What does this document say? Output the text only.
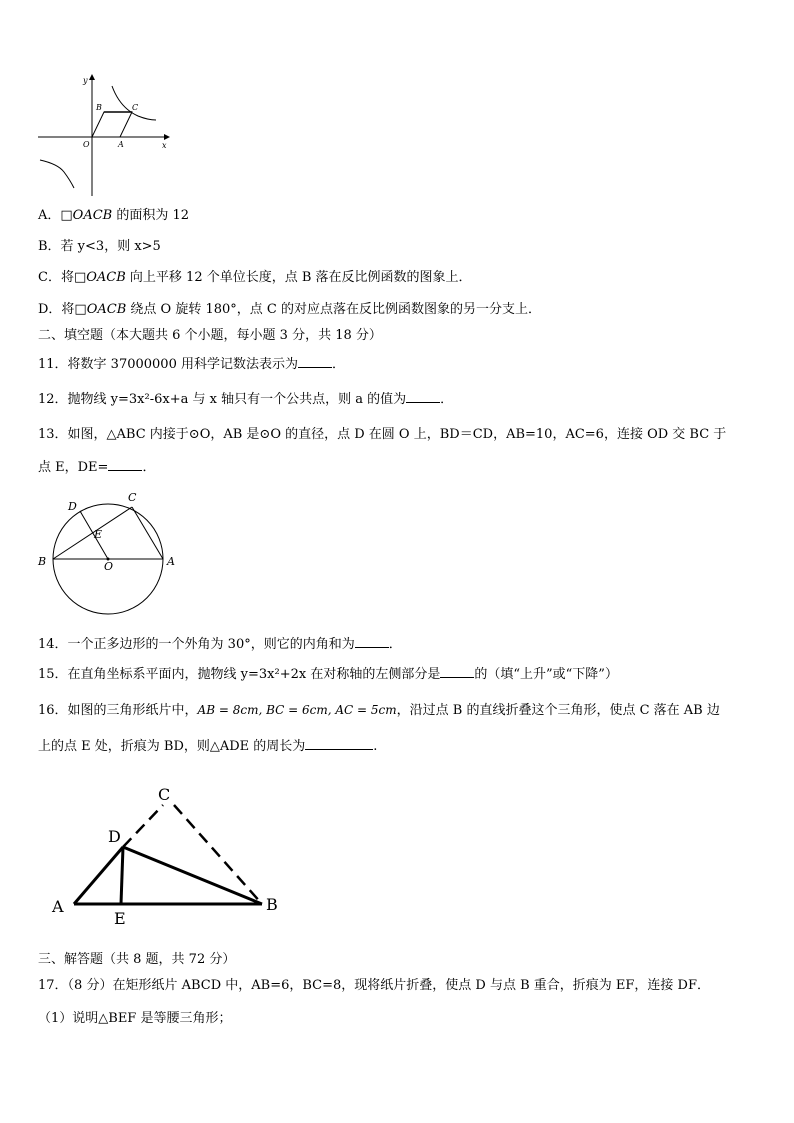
y
x
O	A
B	C
A．□OACB 的面积为 12
B．若 y<3，则 x>5
C．将□OACB 向上平移 12 个单位长度，点 B 落在反比例函数的图象上．
D．将□OACB 绕点 O 旋转 180°，点 C 的对应点落在反比例函数图象的另一分支上．
二、填空题（本大题共 6 个小题，每小题 3 分，共 18 分）
11．将数字 37000000 用科学记数法表示为	．
12．抛物线 y=3x²-6x+a 与 x 轴只有一个公共点，则 a 的值为	．
13．如图，△ABC 内接于⊙O，AB 是⊙O 的直径，点 D 在圆 O 上，BD＝CD，AB=10，AC=6，连接 OD 交 BC 于
点 E，DE=	．
D
C
E
B	O	A
14．一个正多边形的一个外角为 30°，则它的内角和为	．
15．在直角坐标系平面内，抛物线 y=3x²+2x 在对称轴的左侧部分是	的（填“上升”或“下降”）
16．如图的三角形纸片中，AB = 8cm, BC = 6cm, AC = 5cm，沿过点 B 的直线折叠这个三角形，使点 C 落在 AB 边
上的点 E 处，折痕为 BD，则△ADE 的周长为	.
C
D
A
E
B
三、解答题（共 8 题，共 72 分）
17．（8 分）在矩形纸片 ABCD 中，AB=6，BC=8，现将纸片折叠，使点 D 与点 B 重合，折痕为 EF，连接 DF．
（1）说明△BEF 是等腰三角形；
